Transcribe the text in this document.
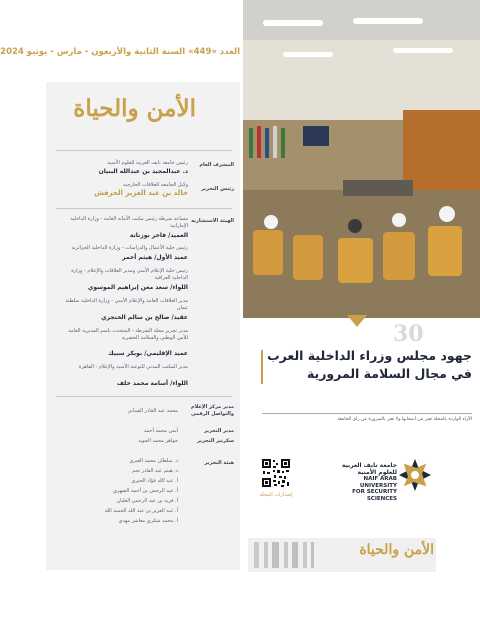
العدد «449» السنة الثانية والأربعون - مارس - يونيو 2024
الأمن والحياة
المشرف العام
رئيس جامعة نايف العربية للعلوم الأمنية
د. عبدالمجيد بن عبدالله البنيان
رئيس التحرير
وكيل الجامعة للعلاقات الخارجية
خالد بن عبد العزيز الحرفش
الهيئة الاستشارية
مساعد شرطة رئيس مكتب الأمانة العامة - وزارة الداخلية الإماراتية
العميد/ فاخر بوزنانة
رئيس خلية الأعمال والدراسات - وزارة الداخلية الجزائرية
عميد الأول/ هيثم أخمر
رئيس خلية الإعلام الأمني ومدير العلاقات والإعلام - وزارة الداخلية العراقية
اللواء/ سعد معن إبراهيم الموسوي
مدير العلاقات العامة والإعلام الأمني - وزارة الداخلية سلطنة عمان
عقيد/ صالح بن سالم الخنجري
مدير تحرير مجلة الشرطة - المتحدث باسم المديرية العامة للأمن الوطني والسلامة الحضرية
عميد الإقليمي/ بوبكر سبيك
مدير المكتب المدني للتوعية الأمنية والإعلام - القاهرة
اللواء/ أسامة محمد خلف
مدير مركز الإعلام والتواصل الرقمي
محمد عبد القادر القيباني
مدير التحرير
أيمن محمد أحمد
سكرتير التحرير
جواهر محمد الجويد
هيئة التحرير
د. سلطان محمد العبري
د. هيثم عبد القادر نجم
أ. عبد الله فؤاد الجبري
أ. عبد الرحمن بن أحمد الشهري
أ. فريد بن عبد الرحمن العليان
أ. عبد العزيز بن عبد الله الحميد الله
أ. محمد شكري معاشر مهدي
30
جهود مجلس وزراء الداخلية العرب في مجال السلامة المرورية
الآراء الواردة بالمجلة تعبر عن أصحابها ولا تعبر بالضرورة عن رأي الجامعة
إصدارات المجلة
جامعة نايف العربية للعلوم الأمنية
NAIF ARAB UNIVERSITY
FOR SECURITY SCIENCES
الأمن والحياة
